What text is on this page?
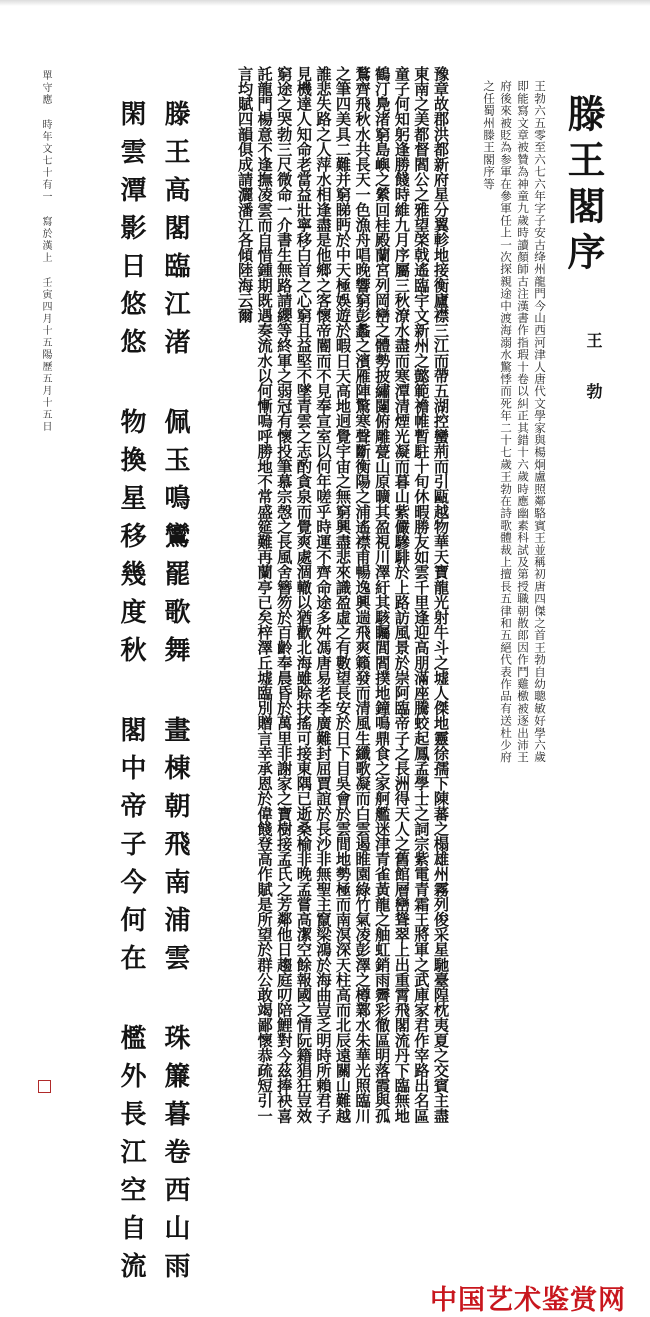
滕王閣序
王 勃
王勃六五零至六七六年字子安古绛州龍門今山西河津人唐代文學家與楊炯盧照鄰駱賓王並稱初唐四傑之首王勃自幼聰敏好學六歲即能寫文章被贊為神童九歲時讀顏師古注漢書作指瑕十卷以糾正其錯十六歲時應幽素科試及第授職朝散郎因作鬥雞檄被逐出沛王府後來被貶為参軍在參軍任上一次探親途中渡海溺水驚悸而死年二十七歲王勃在詩歌體裁上擅長五律和五絕代表作品有送杜少府之任蜀州滕王閣序等
豫章故郡洪都新府星分翼軫地接衡廬襟三江而帶五湖控蠻荊而引甌越物華天寶龍光射牛斗之墟人傑地靈徐孺下陳蕃之榻雄州霧列俊采星馳臺隍枕夷夏之交賓主盡東南之美都督閻公之雅望棨戟遙臨宇文新州之懿範襜帷暫駐十旬休暇勝友如雲千里逢迎高朋滿座騰蛟起鳳孟學士之詞宗紫電青霜王將軍之武庫家君作宰路出名區童子何知躬逢勝餞時維九月序屬三秋潦水盡而寒潭清煙光凝而暮山紫儼驂騑於上路訪風景於崇阿臨帝子之長洲得天人之舊館層巒聳翠上出重霄飛閣流丹下臨無地鶴汀鳧渚窮島嶼之縈回桂殿蘭宮列岡巒之體勢披繡闥俯雕甍山原曠其盈視川澤紆其駭矚閭閻撲地鐘鳴鼎食之家舸艦迷津青雀黃龍之舳虹銷雨霽彩徹區明落霞與孤鶩齊飛秋水共長天一色漁舟唱晚響窮彭蠡之濱雁陣驚寒聲斷衡陽之浦遙襟甫暢逸興遄飛爽籟發而清風生纖歌凝而白雲遏睢園綠竹氣凌彭澤之樽鄴水朱華光照臨川之筆四美具二難并窮睇眄於中天極娛遊於暇日天高地迥覺宇宙之無窮興盡悲來識盈虛之有數望長安於日下目吳會於雲間地勢極而南溟深天柱高而北辰遠關山難越誰悲失路之人萍水相逢盡是他鄉之客懷帝閽而不見奉宣室以何年嗟乎時運不齊命途多舛馮唐易老李廣難封屈賈誼於長沙非無聖主竄梁鴻於海曲豈乏明時所賴君子見機達人知命老當益壯寧移白首之心窮且益堅不墜青雲之志酌貪泉而覺爽處涸轍以猶歡北海雖賒扶搖可接東隅已逝桑榆非晚孟嘗高潔空餘報國之情阮籍猖狂豈效窮途之哭勃三尺微命一介書生無路請纓等終軍之弱冠有懷投筆慕宗愨之長風舍簪笏於百齡奉晨昏於萬里非謝家之寶樹接孟氏之芳鄰他日趨庭叨陪鯉對今茲捧袂喜託龍門楊意不逢撫凌雲而自惜鍾期既遇奏流水以何慚嗚呼勝地不常盛筵難再蘭亭已矣梓澤丘墟臨別贈言幸承恩於偉餞登高作賦是所望於群公敢竭鄙懷恭疏短引一言均賦四韻俱成請灑潘江各傾陸海云爾
滕王高閣臨江渚 佩玉鳴鸞罷歌舞 畫棟朝飛南浦雲 珠簾暮卷西山雨
閑雲潭影日悠悠 物換星移幾度秋 閣中帝子今何在 檻外長江空自流
單守應 時年文七十有一 寫於漢上 壬寅四月十五陽歷五月十五日
中国艺术鉴赏网
